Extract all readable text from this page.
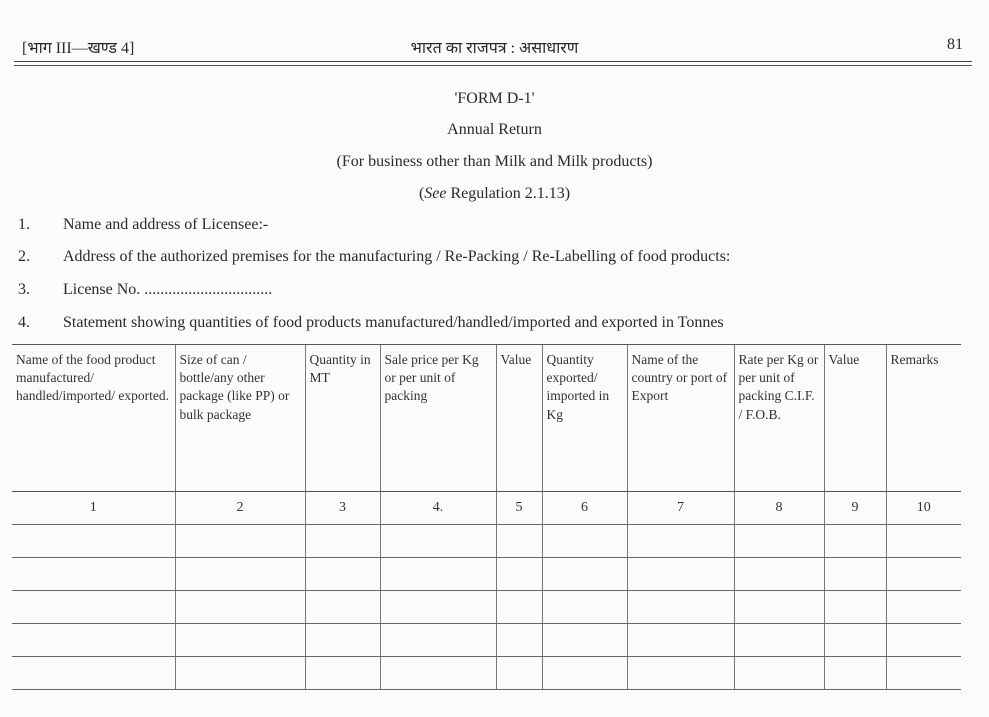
[भाग III—खण्ड 4]	भारत का राजपत्र : असाधारण	81
'FORM D-1'
Annual Return
(For business other than Milk and Milk products)
(See Regulation 2.1.13)
1. Name and address of Licensee:-
2. Address of the authorized premises for the manufacturing / Re-Packing / Re-Labelling of food products:
3. License No. ................................
4. Statement showing quantities of food products manufactured/handled/imported and exported in Tonnes
Name of the food product manufactured/ handled/imported/ exported.	Size of can / bottle/any other package (like PP) or bulk package	Quantity in MT	Sale price per Kg or per unit of packing	Value	Quantity exported/ imported in Kg	Name of the country or port of Export	Rate per Kg or per unit of packing C.I.F. / F.O.B.	Value	Remarks
1	2	3	4.	5	6	7	8	9	10
